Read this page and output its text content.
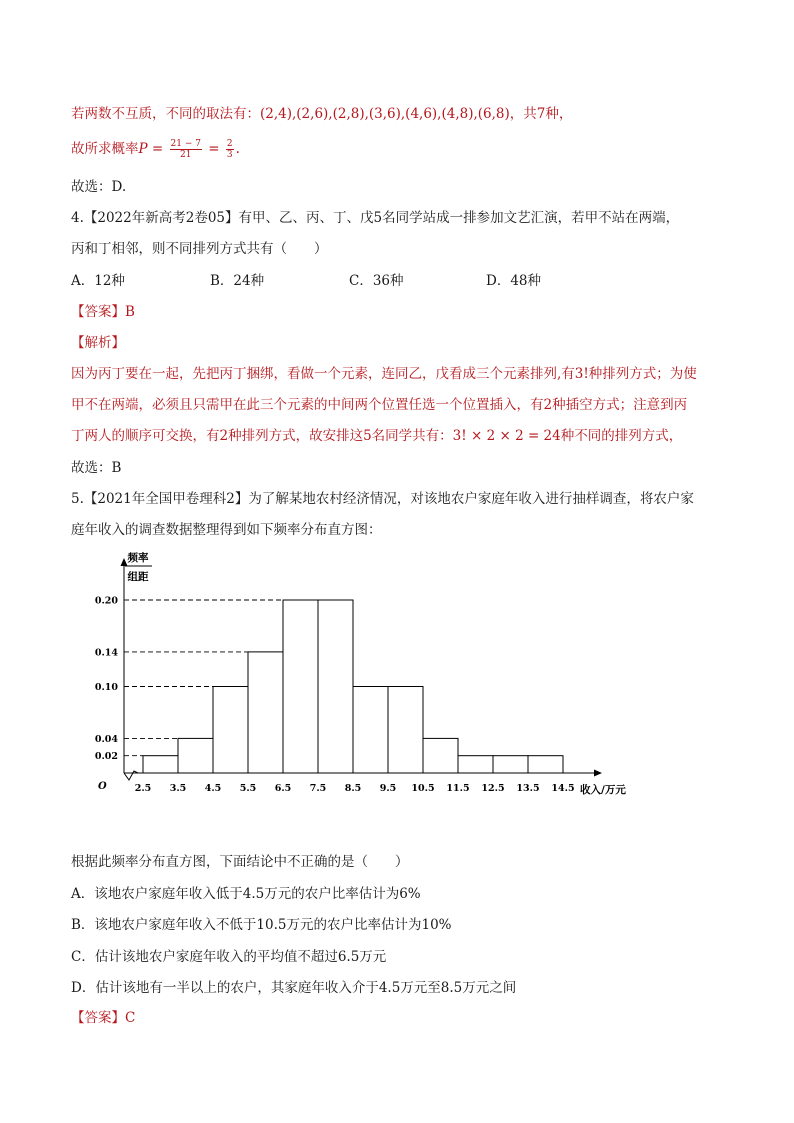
若两数不互质，不同的取法有：(2,4),(2,6),(2,8),(3,6),(4,6),(4,8),(6,8)，共7种，
故所求概率$P = \frac{21 - 7}{21} = \frac{2}{3}$ .
故选：D.
4.【2022年新高考2卷05】有甲、乙、丙、丁、戊5名同学站成一排参加文艺汇演，若甲不站在两端，
丙和丁相邻，则不同排列方式共有（　　）
A．12种	B．24种	C．36种	D．48种
【答案】B
【解析】
因为丙丁要在一起，先把丙丁捆绑，看做一个元素，连同乙，戊看成三个元素排列,有3!种排列方式；为使
甲不在两端，必须且只需甲在此三个元素的中间两个位置任选一个位置插入，有2种插空方式；注意到丙
丁两人的顺序可交换，有2种排列方式，故安排这5名同学共有：3! × 2 × 2 = 24种不同的排列方式，
故选：B
5.【2021年全国甲卷理科2】为了解某地农村经济情况，对该地农户家庭年收入进行抽样调查，将农户家
庭年收入的调查数据整理得到如下频率分布直方图：
0.02
0.04
0.10
0.14
0.20
2.5 3.5 4.5 5.5 6.5 7.5 8.5 9.5 10.5 11.5 12.5 13.5 14.5
O	收入/万元
频率
组距
根据此频率分布直方图，下面结论中不正确的是（　　）
A．该地农户家庭年收入低于4.5万元的农户比率估计为6%
B．该地农户家庭年收入不低于10.5万元的农户比率估计为10%
C．估计该地农户家庭年收入的平均值不超过6.5万元
D．估计该地有一半以上的农户，其家庭年收入介于4.5万元至8.5万元之间
【答案】C
